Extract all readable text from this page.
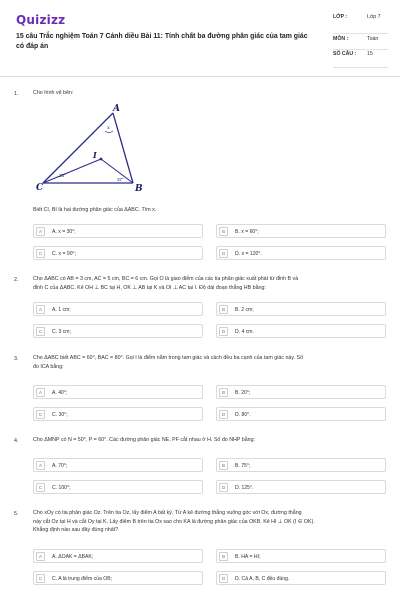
Quizizz
15 câu Trắc nghiệm Toán 7 Cánh diều Bài 11: Tính chất ba đường phân giác của tam giác có đáp án
LỚP :	Lớp 7
MÔN :	Toán
SỐ CÂU :	15
1.	Cho hình vẽ bên:
A
C	B
I
x
25°
37°
Biết CI, BI là hai đường phân giác của ΔABC. Tìm x.
A	A. x = 30°;	B	B. x = 60°;
C	C. x = 90°;	D	D. x = 120°.
2.	Cho ΔABC có AB = 3 cm, AC = 5 cm, BC = 6 cm. Gọi O là giao điểm của các tia phân giác xuất phát từ đỉnh B và
đỉnh C của ΔABC. Kẻ OH ⊥ BC tại H, OK ⊥ AB tại K và OI ⊥ AC tại I. Độ dài đoạn thẳng HB bằng:
A	A. 1 cm;	B	B. 2 cm;
C	C. 3 cm;	D	D. 4 cm.
3.	Cho ΔABC biết ABC = 60°, BAC = 80°. Gọi I là điểm nằm trong tam giác và cách đều ba cạnh của tam giác này. Số
đo ICA bằng:
A	A. 40°;	B	B. 20°;
C	C. 30°;	D	D. 80°.
4.	Cho ΔMNP có N = 50°, P = 60°. Các đường phân giác NE, PF cắt nhau ở H. Số đo NHP bằng:
A	A. 70°;	B	B. 75°;
C	C. 100°;	D	D. 125°.
5.	Cho xOy có tia phân giác Oz. Trên tia Oz, lấy điểm A bất kỳ. Từ A kẻ đường thẳng vuông góc với Ox, đường thẳng
này cắt Oz tại H và cắt Oy tại K. Lấy điểm B trên tia Ox sao cho KA là đường phân giác của OKB. Kẻ HI ⊥ OK (I ∈ OK).
Khẳng định nào sau đây đúng nhất?
A	A. ΔOAK = ΔBAK;	B	B. HA = HI;
C	C. A là trung điểm của OB;	D	D. Cả A, B, C đều đúng.
